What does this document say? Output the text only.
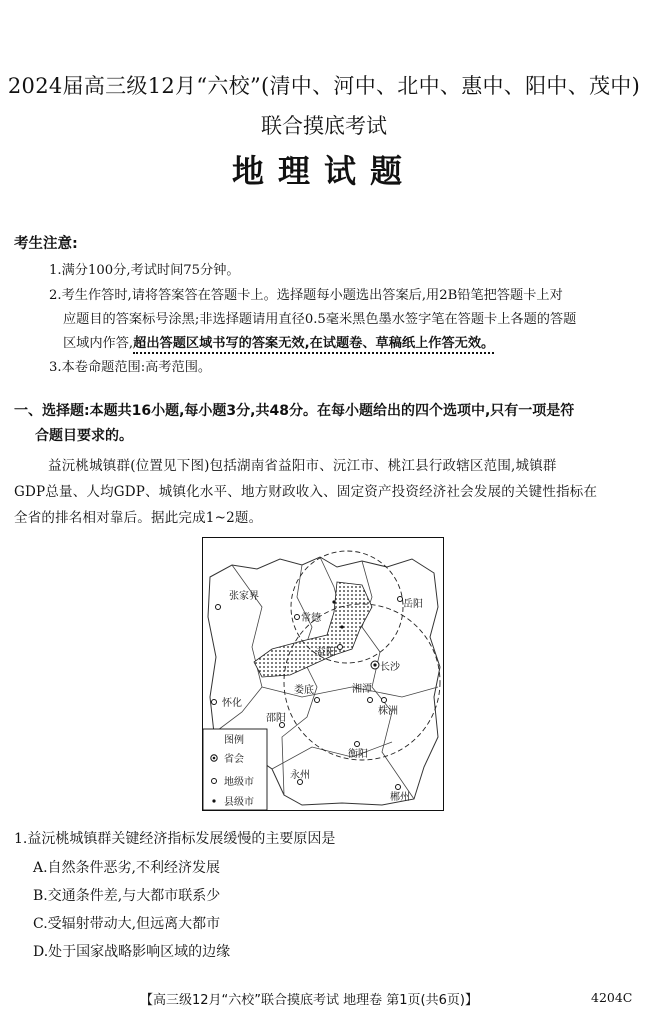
2024届高三级12月“六校”(清中、河中、北中、惠中、阳中、茂中)
联合摸底考试
地理试题
考生注意:
1.满分100分,考试时间75分钟。
2.考生作答时,请将答案答在答题卡上。选择题每小题选出答案后,用2B铅笔把答题卡上对
应题目的答案标号涂黑;非选择题请用直径0.5毫米黑色墨水签字笔在答题卡上各题的答题
区域内作答,超出答题区域书写的答案无效,在试题卷、草稿纸上作答无效。
3.本卷命题范围:高考范围。
一、选择题:本题共16小题,每小题3分,共48分。在每小题给出的四个选项中,只有一项是符
合题目要求的。
益沅桃城镇群(位置见下图)包括湖南省益阳市、沅江市、桃江县行政辖区范围,城镇群
GDP总量、人均GDP、城镇化水平、地方财政收入、固定资产投资经济社会发展的关键性指标在
全省的排名相对靠后。据此完成1~2题。
张家界
常德
岳阳
益阳
长沙
湘潭
株洲
娄底
怀化
邵阳
衡阳
永州
郴州
图例
省会
地级市
县级市
1.益沅桃城镇群关键经济指标发展缓慢的主要原因是
A.自然条件恶劣,不利经济发展
B.交通条件差,与大都市联系少
C.受辐射带动大,但远离大都市
D.处于国家战略影响区域的边缘
【高三级12月“六校”联合摸底考试 地理卷 第1页(共6页)】	4204C
